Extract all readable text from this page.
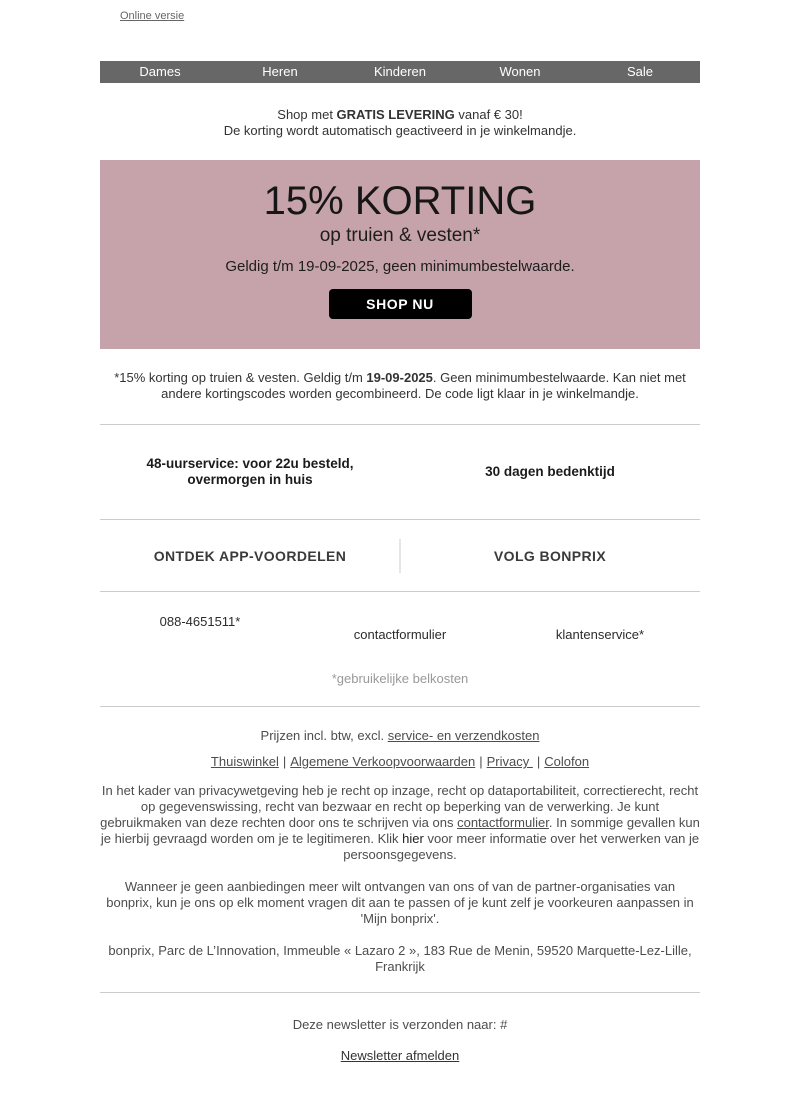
Online versie
Dames	Heren	Kinderen	Wonen	Sale

Shop met GRATIS LEVERING vanaf € 30!
De korting wordt automatisch geactiveerd in je winkelmandje.

15% KORTING
op truien & vesten*
Geldig t/m 19-09-2025, geen minimumbestelwaarde.
SHOP NU

*15% korting op truien & vesten. Geldig t/m 19-09-2025. Geen minimumbestelwaarde. Kan niet met andere kortingscodes worden gecombineerd. De code ligt klaar in je winkelmandje.

48-uurservice: voor 22u besteld, overmorgen in huis
30 dagen bedenktijd
ONTDEK APP-VOORDELEN	VOLG BONPRIX
088-4651511*
contactformulier	klantenservice*

*gebruikelijke belkosten

Prijzen incl. btw, excl. service- en verzendkosten

Thuiswinkel | Algemene Verkoopvoorwaarden | Privacy | Colofon

In het kader van privacywetgeving heb je recht op inzage, recht op dataportabiliteit, correctierecht, recht op gegevenswissing, recht van bezwaar en recht op beperking van de verwerking. Je kunt gebruikmaken van deze rechten door ons te schrijven via ons contactformulier. In sommige gevallen kun je hierbij gevraagd worden om je te legitimeren. Klik hier voor meer informatie over het verwerken van je persoonsgegevens.

Wanneer je geen aanbiedingen meer wilt ontvangen van ons of van de partner-organisaties van bonprix, kun je ons op elk moment vragen dit aan te passen of je kunt zelf je voorkeuren aanpassen in 'Mijn bonprix'.

bonprix, Parc de L’Innovation, Immeuble « Lazaro 2 », 183 Rue de Menin, 59520 Marquette-Lez-Lille, Frankrijk

Deze newsletter is verzonden naar: #

Newsletter afmelden
